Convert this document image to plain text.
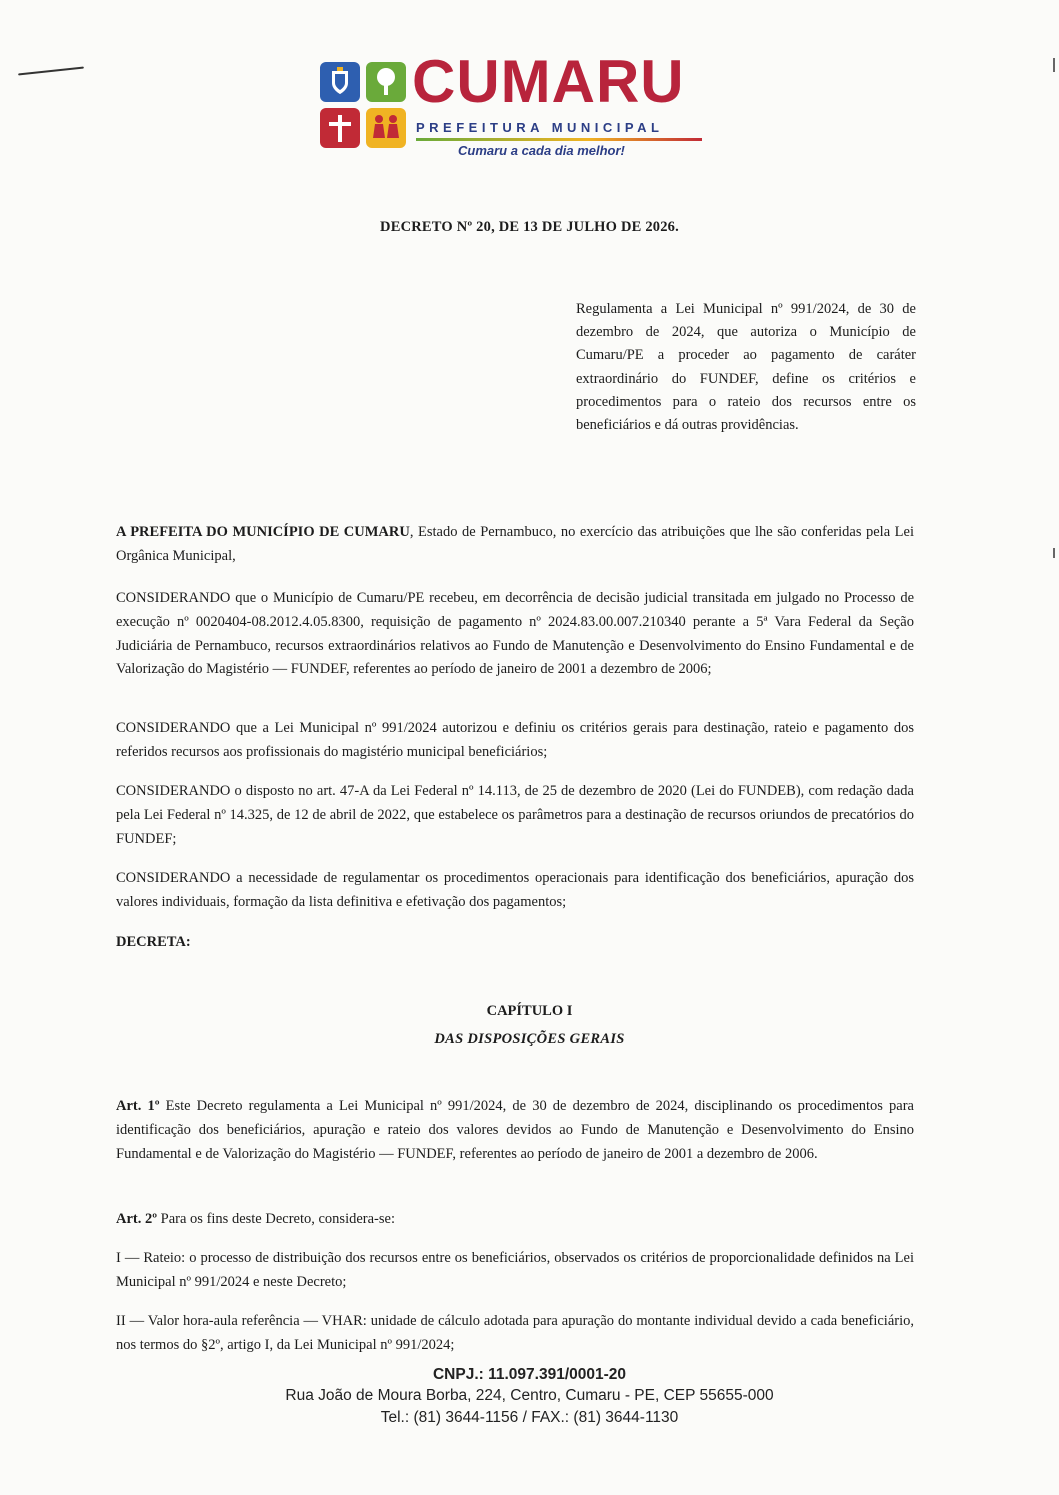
CUMARU
PREFEITURA MUNICIPAL
Cumaru a cada dia melhor!
DECRETO Nº 20, DE 13 DE JULHO DE 2026.
Regulamenta a Lei Municipal nº 991/2024, de 30 de dezembro de 2024, que autoriza o Município de Cumaru/PE a proceder ao pagamento de caráter extraordinário do FUNDEF, define os critérios e procedimentos para o rateio dos recursos entre os beneficiários e dá outras providências.

A PREFEITA DO MUNICÍPIO DE CUMARU, Estado de Pernambuco, no exercício das atribuições que lhe são conferidas pela Lei Orgânica Municipal,

CONSIDERANDO que o Município de Cumaru/PE recebeu, em decorrência de decisão judicial transitada em julgado no Processo de execução nº 0020404-08.2012.4.05.8300, requisição de pagamento nº 2024.83.00.007.210340 perante a 5ª Vara Federal da Seção Judiciária de Pernambuco, recursos extraordinários relativos ao Fundo de Manutenção e Desenvolvimento do Ensino Fundamental e de Valorização do Magistério — FUNDEF, referentes ao período de janeiro de 2001 a dezembro de 2006;

CONSIDERANDO que a Lei Municipal nº 991/2024 autorizou e definiu os critérios gerais para destinação, rateio e pagamento dos referidos recursos aos profissionais do magistério municipal beneficiários;

CONSIDERANDO o disposto no art. 47-A da Lei Federal nº 14.113, de 25 de dezembro de 2020 (Lei do FUNDEB), com redação dada pela Lei Federal nº 14.325, de 12 de abril de 2022, que estabelece os parâmetros para a destinação de recursos oriundos de precatórios do FUNDEF;

CONSIDERANDO a necessidade de regulamentar os procedimentos operacionais para identificação dos beneficiários, apuração dos valores individuais, formação da lista definitiva e efetivação dos pagamentos;

DECRETA:

CAPÍTULO I
DAS DISPOSIÇÕES GERAIS

Art. 1º Este Decreto regulamenta a Lei Municipal nº 991/2024, de 30 de dezembro de 2024, disciplinando os procedimentos para identificação dos beneficiários, apuração e rateio dos valores devidos ao Fundo de Manutenção e Desenvolvimento do Ensino Fundamental e de Valorização do Magistério — FUNDEF, referentes ao período de janeiro de 2001 a dezembro de 2006.

Art. 2º Para os fins deste Decreto, considera-se:

I — Rateio: o processo de distribuição dos recursos entre os beneficiários, observados os critérios de proporcionalidade definidos na Lei Municipal nº 991/2024 e neste Decreto;

II — Valor hora-aula referência — VHAR: unidade de cálculo adotada para apuração do montante individual devido a cada beneficiário, nos termos do §2º, artigo I, da Lei Municipal nº 991/2024;

CNPJ.: 11.097.391/0001-20
Rua João de Moura Borba, 224, Centro, Cumaru - PE, CEP 55655-000
Tel.: (81) 3644-1156 / FAX.: (81) 3644-1130
